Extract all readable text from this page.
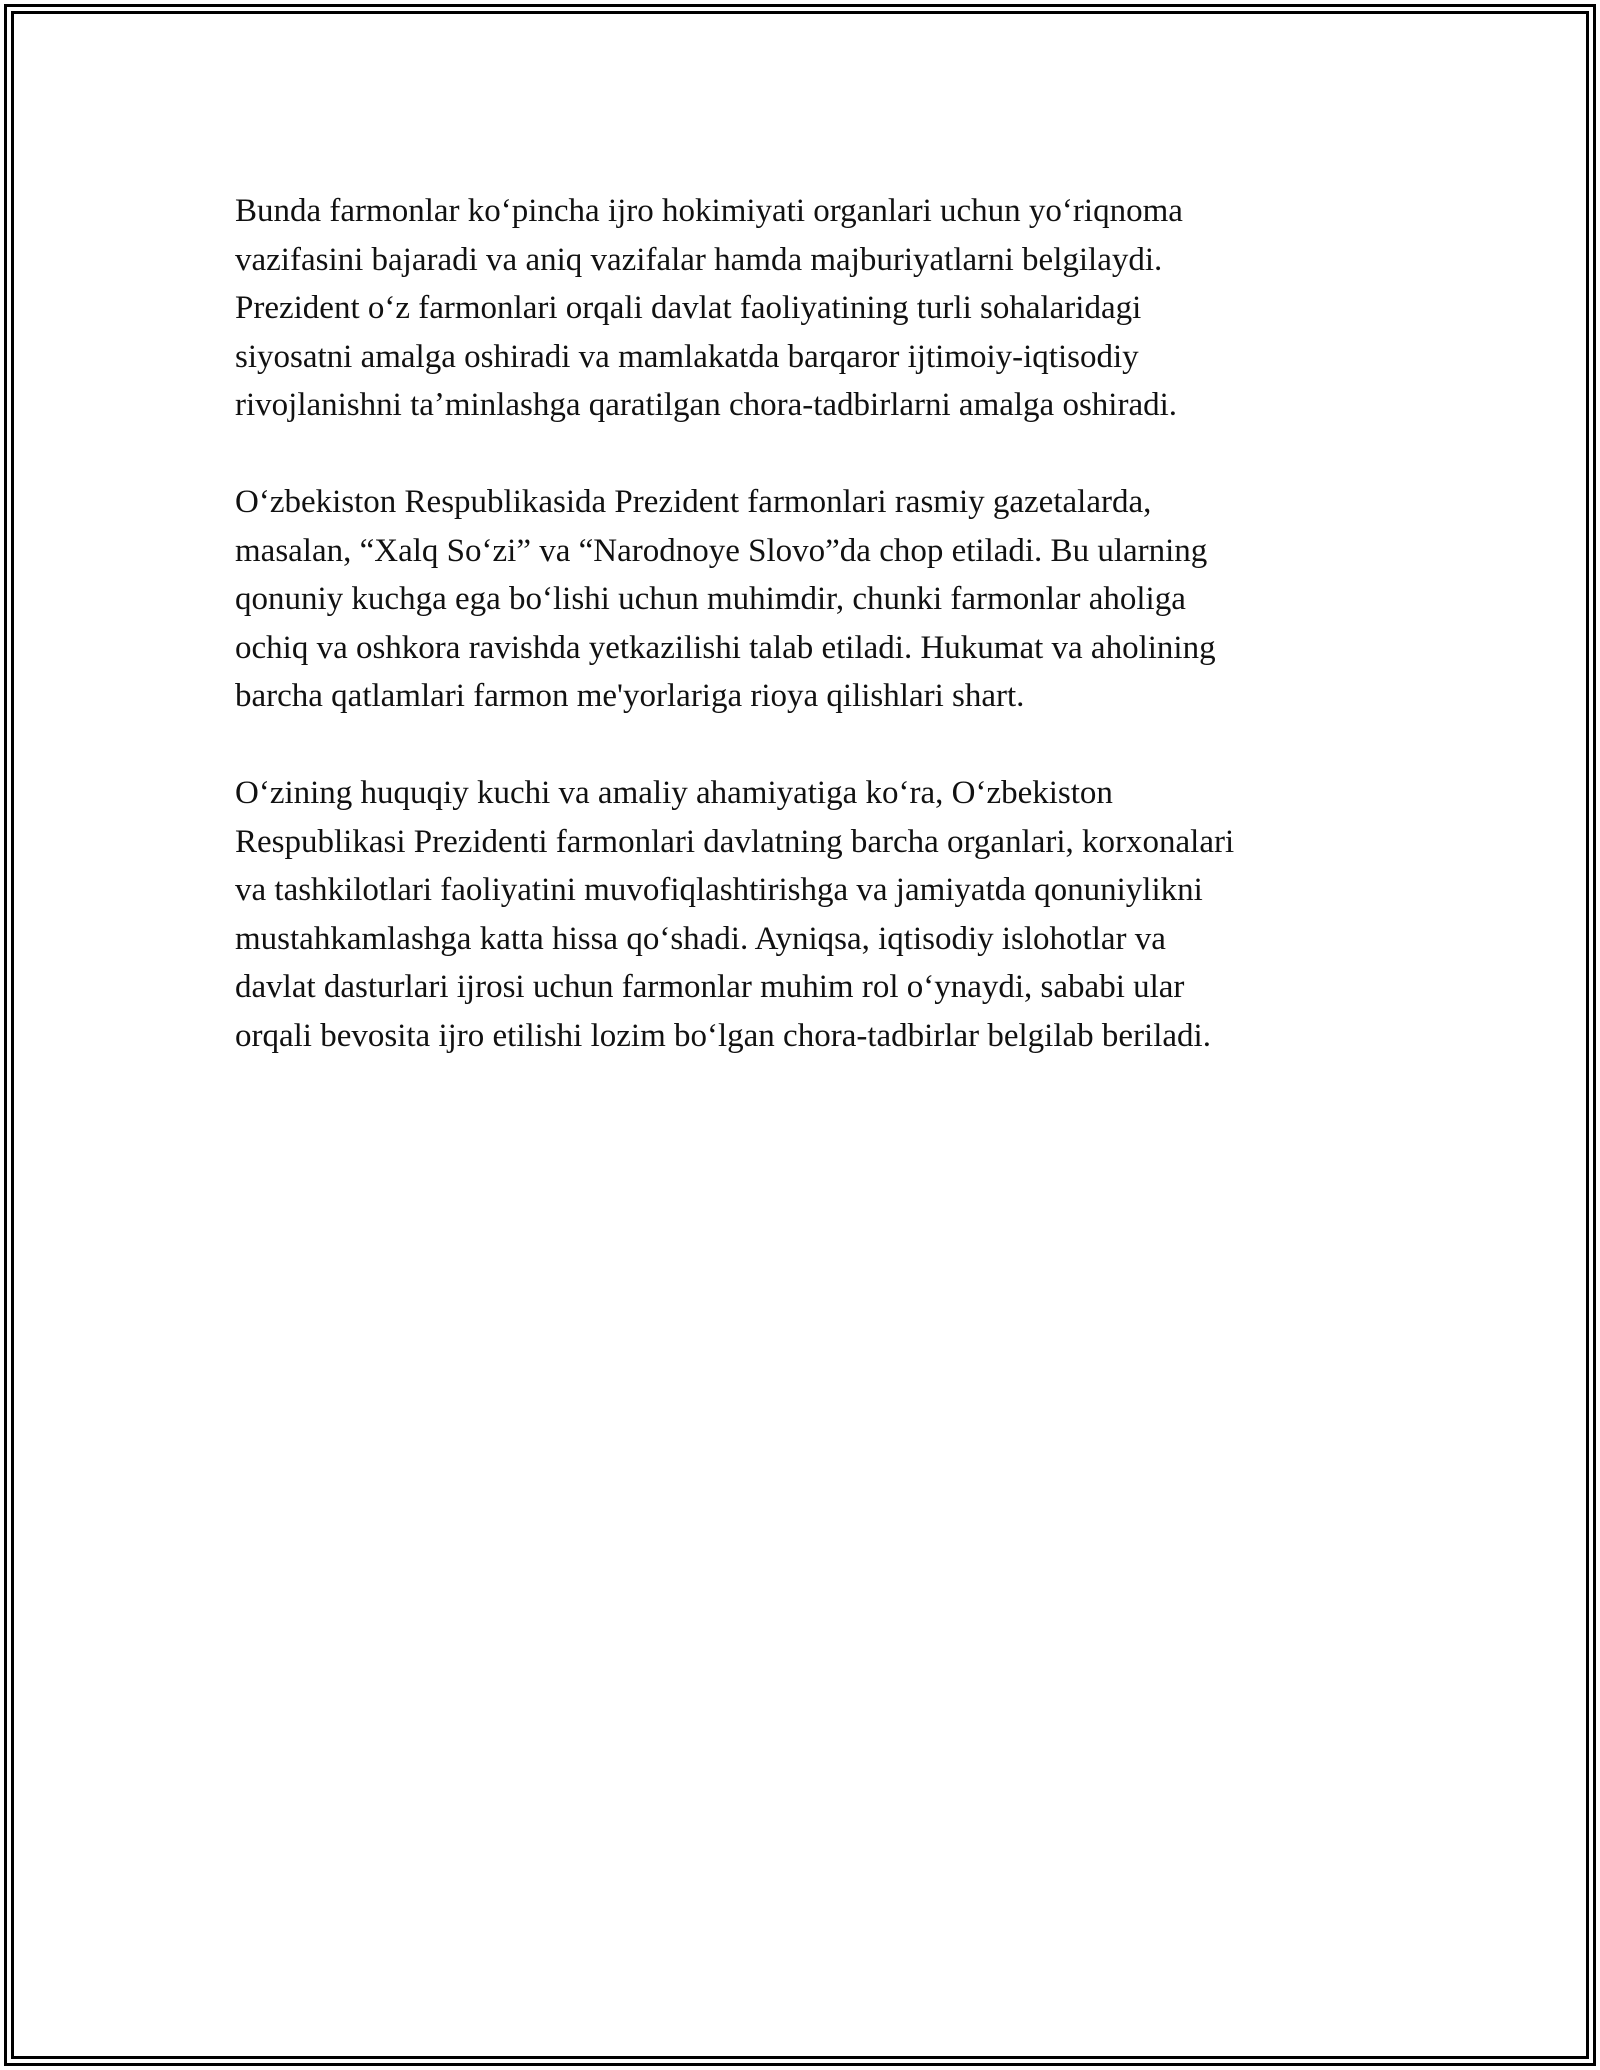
Bunda farmonlar koʻpincha ijro hokimiyati organlari uchun yoʻriqnoma
vazifasini bajaradi va aniq vazifalar hamda majburiyatlarni belgilaydi.
Prezident oʻz farmonlari orqali davlat faoliyatining turli sohalaridagi
siyosatni amalga oshiradi va mamlakatda barqaror ijtimoiy-iqtisodiy
rivojlanishni taʼminlashga qaratilgan chora-tadbirlarni amalga oshiradi.

Oʻzbekiston Respublikasida Prezident farmonlari rasmiy gazetalarda,
masalan, “Xalq Soʻzi” va “Narodnoye Slovo”da chop etiladi. Bu ularning
qonuniy kuchga ega boʻlishi uchun muhimdir, chunki farmonlar aholiga
ochiq va oshkora ravishda yetkazilishi talab etiladi. Hukumat va aholining
barcha qatlamlari farmon me'yorlariga rioya qilishlari shart.

Oʻzining huquqiy kuchi va amaliy ahamiyatiga koʻra, Oʻzbekiston
Respublikasi Prezidenti farmonlari davlatning barcha organlari, korxonalari
va tashkilotlari faoliyatini muvofiqlashtirishga va jamiyatda qonuniylikni
mustahkamlashga katta hissa qoʻshadi. Ayniqsa, iqtisodiy islohotlar va
davlat dasturlari ijrosi uchun farmonlar muhim rol oʻynaydi, sababi ular
orqali bevosita ijro etilishi lozim boʻlgan chora-tadbirlar belgilab beriladi.
